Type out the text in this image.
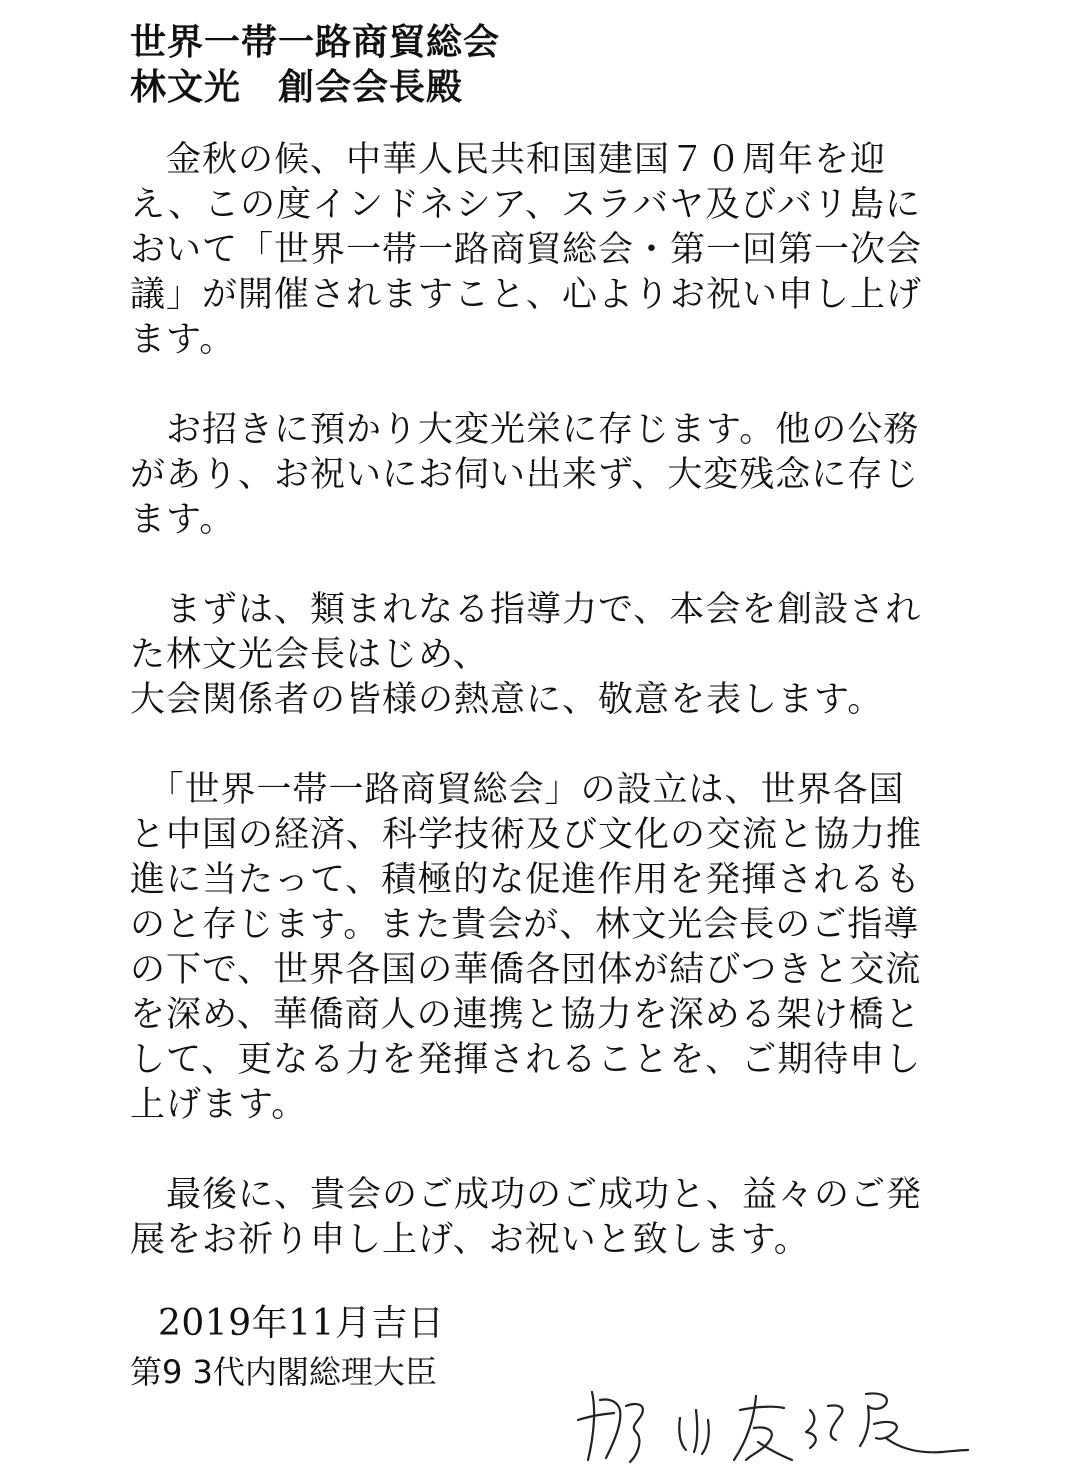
世界一帯一路商貿総会
林文光　創会会長殿

　金秋の候、中華人民共和国建国７０周年を迎え、この度インドネシア、スラバヤ及びバリ島において「世界一帯一路商貿総会・第一回第一次会議」が開催されますこと、心よりお祝い申し上げます。

　お招きに預かり大変光栄に存じます。他の公務があり、お祝いにお伺い出来ず、大変残念に存じます。

　まずは、類まれなる指導力で、本会を創設された林文光会長はじめ、
大会関係者の皆様の熱意に、敬意を表します。

　「世界一帯一路商貿総会」の設立は、世界各国と中国の経済、科学技術及び文化の交流と協力推進に当たって、積極的な促進作用を発揮されるものと存じます。また貴会が、林文光会長のご指導の下で、世界各国の華僑各団体が結びつきと交流を深め、華僑商人の連携と協力を深める架け橋として、更なる力を発揮されることを、ご期待申し上げます。

　最後に、貴会のご成功のご成功と、益々のご発展をお祈り申し上げ、お祝いと致します。

2019年11月吉日
第9 3代内閣総理大臣
